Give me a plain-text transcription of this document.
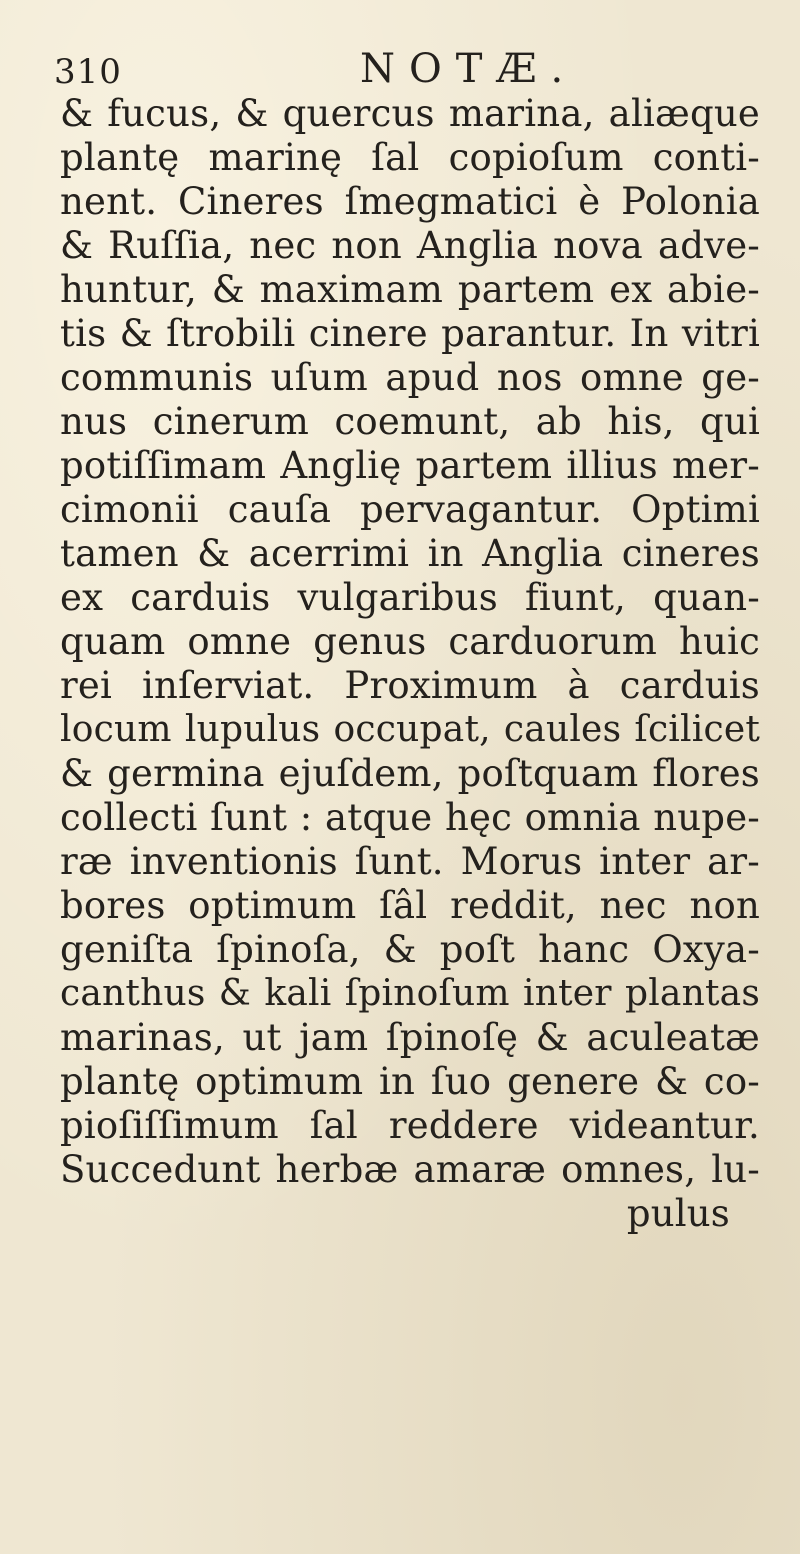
310	NOTÆ.
& fucus, & quercus marina, aliæque
plantę marinę ſal copioſum conti-
nent. Cineres ſmegmatici è Polonia
& Ruſſia, nec non Anglia nova adve-
huntur, & maximam partem ex abie-
tis & ſtrobili cinere parantur. In vitri
communis uſum apud nos omne ge-
nus cinerum coemunt, ab his, qui
potiſſimam Anglię partem illius mer-
cimonii cauſa pervagantur. Optimi
tamen & acerrimi in Anglia cineres
ex carduis vulgaribus fiunt, quan-
quam omne genus carduorum huic
rei inſerviat. Proximum à carduis
locum lupulus occupat, caules ſcilicet
& germina ejuſdem, poſtquam flores
collecti ſunt : atque hęc omnia nupe-
ræ inventionis ſunt. Morus inter ar-
bores optimum ſâl reddit, nec non
geniſta ſpinoſa, & poſt hanc Oxya-
canthus & kali ſpinoſum inter plantas
marinas, ut jam ſpinoſę & aculeatæ
plantę optimum in ſuo genere & co-
pioſiſſimum ſal reddere videantur.
Succedunt herbæ amaræ omnes, lu-
pulus
